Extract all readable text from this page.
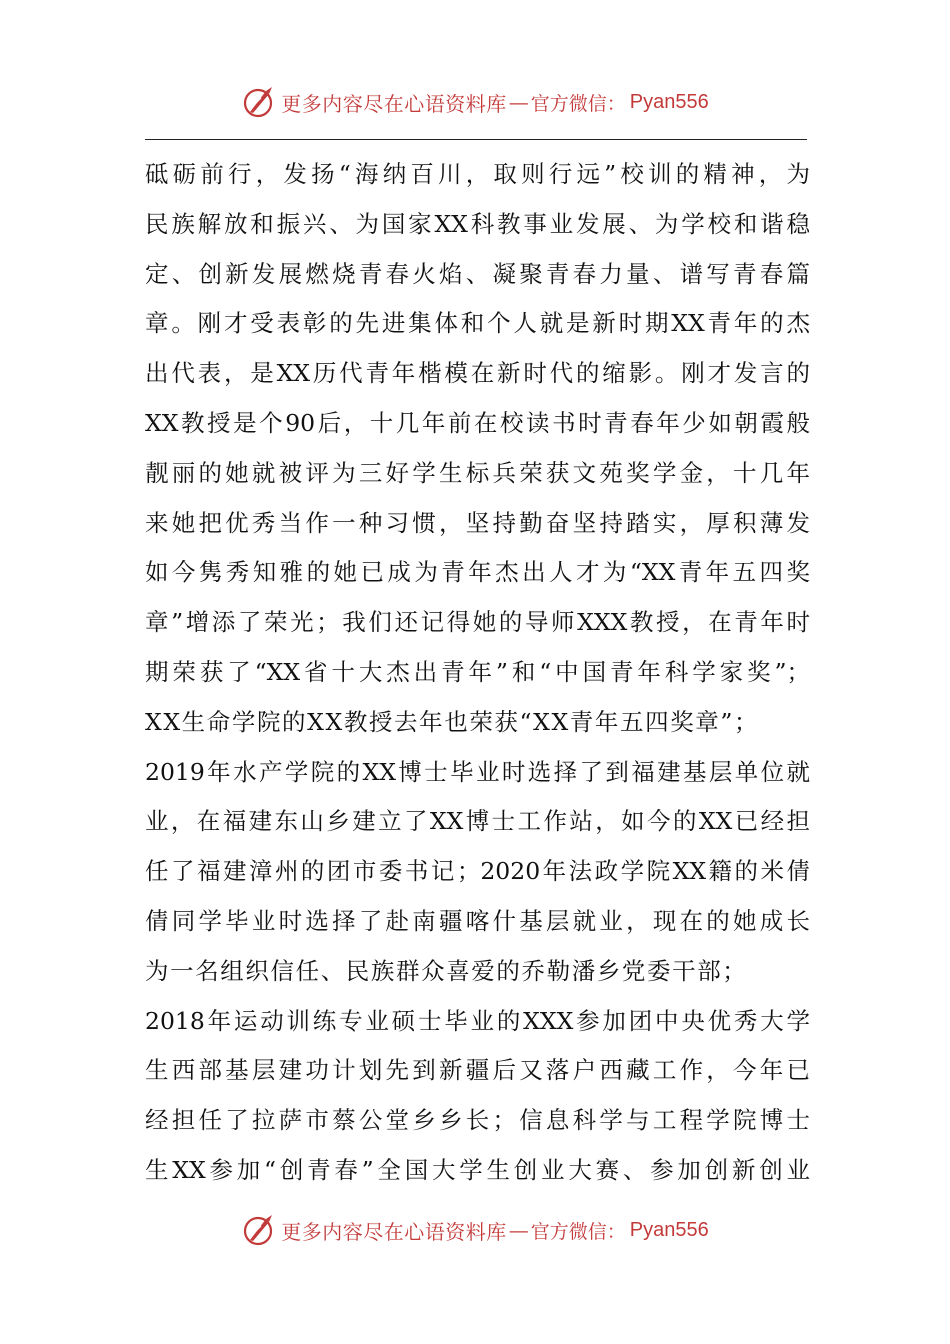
更多内容尽在心语资料库 — 官方微信： Pyan556
砥砺前行，发扬“海纳百川，取则行远”校训的精神，为
民族解放和振兴、为国家XX科教事业发展、为学校和谐稳
定、创新发展燃烧青春火焰、凝聚青春力量、谱写青春篇
章。刚才受表彰的先进集体和个人就是新时期XX青年的杰
出代表，是XX历代青年楷模在新时代的缩影。刚才发言的
XX教授是个90后，十几年前在校读书时青春年少如朝霞般
靓丽的她就被评为三好学生标兵荣获文苑奖学金，十几年
来她把优秀当作一种习惯，坚持勤奋坚持踏实，厚积薄发
如今隽秀知雅的她已成为青年杰出人才为“XX青年五四奖
章”增添了荣光；我们还记得她的导师XXX教授，在青年时
期荣获了“XX省十大杰出青年”和“中国青年科学家奖”；
XX生命学院的XX教授去年也荣获“XX青年五四奖章”；
2019年水产学院的XX博士毕业时选择了到福建基层单位就
业，在福建东山乡建立了XX博士工作站，如今的XX已经担
任了福建漳州的团市委书记；2020年法政学院XX籍的米倩
倩同学毕业时选择了赴南疆喀什基层就业，现在的她成长
为一名组织信任、民族群众喜爱的乔勒潘乡党委干部；
2018年运动训练专业硕士毕业的XXX参加团中央优秀大学
生西部基层建功计划先到新疆后又落户西藏工作，今年已
经担任了拉萨市蔡公堂乡乡长；信息科学与工程学院博士
生XX参加“创青春”全国大学生创业大赛、参加创新创业
更多内容尽在心语资料库 — 官方微信： Pyan556
